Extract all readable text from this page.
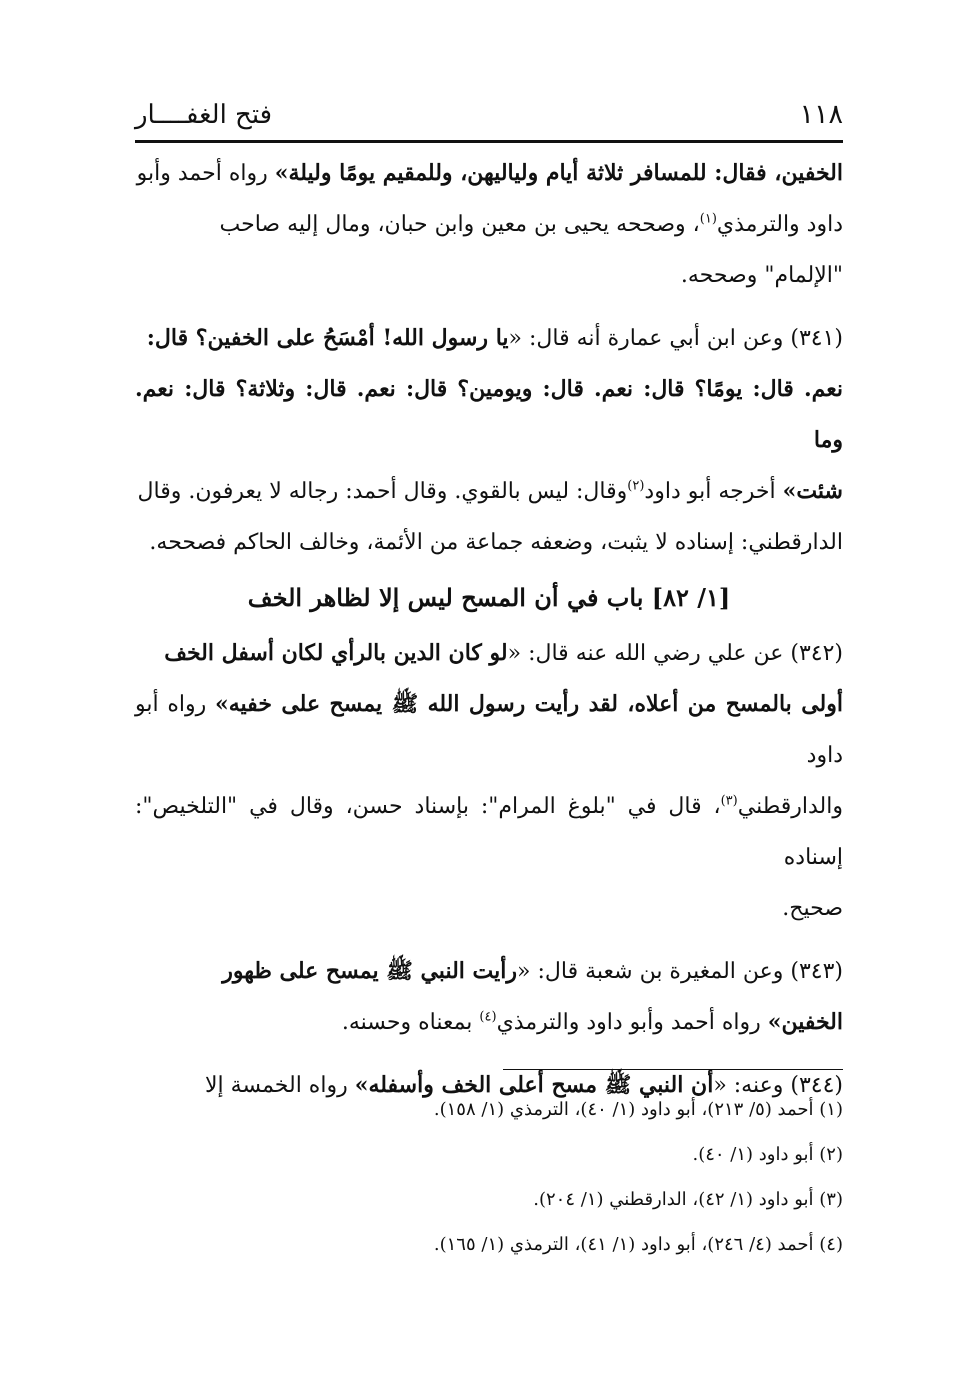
١١٨
فتح الغفــــار

الخفين، فقال: للمسافر ثلاثة أيام ولياليهن، وللمقيم يومًا وليلة» رواه أحمد وأبو
داود والترمذي$^{(١)}$، وصححه يحيى بن معين وابن حبان، ومال إليه صاحب
"الإلمام" وصححه.

(٣٤١) وعن ابن أبي عمارة أنه قال: «يا رسول الله! أمْسَحُ على الخفين؟ قال:
نعم. قال: يومًا؟ قال: نعم. قال: ويومين؟ قال: نعم. قال: وثلاثة؟ قال: نعم. وما
شئت» أخرجه أبو داود$^{(٢)}$وقال: ليس بالقوي. وقال أحمد: رجاله لا يعرفون. وقال
الدارقطني: إسناده لا يثبت، وضعفه جماعة من الأئمة، وخالف الحاكم فصححه.

[١/ ٨٢] باب في أن المسح ليس إلا لظاهر الخف

(٣٤٢) عن علي رضي الله عنه قال: «لو كان الدين بالرأي لكان أسفل الخف
أولى بالمسح من أعلاه، لقد رأيت رسول الله ﷺ يمسح على خفيه» رواه أبو داود
والدارقطني$^{(٣)}$، قال في "بلوغ المرام": بإسناد حسن، وقال في "التلخيص": إسناده
صحيح.

(٣٤٣) وعن المغيرة بن شعبة قال: «رأيت النبي ﷺ يمسح على ظهور
الخفين» رواه أحمد وأبو داود والترمذي$^{(٤)}$ بمعناه وحسنه.

(٣٤٤) وعنه: «أن النبي ﷺ مسح أعلى الخف وأسفله» رواه الخمسة إلا

(١) أحمد (٥/ ٢١٣)، أبو داود (١/ ٤٠)، الترمذي (١/ ١٥٨).

(٢) أبو داود (١/ ٤٠).

(٣) أبو داود (١/ ٤٢)، الدارقطني (١/ ٢٠٤).

(٤) أحمد (٤/ ٢٤٦)، أبو داود (١/ ٤١)، الترمذي (١/ ١٦٥).
